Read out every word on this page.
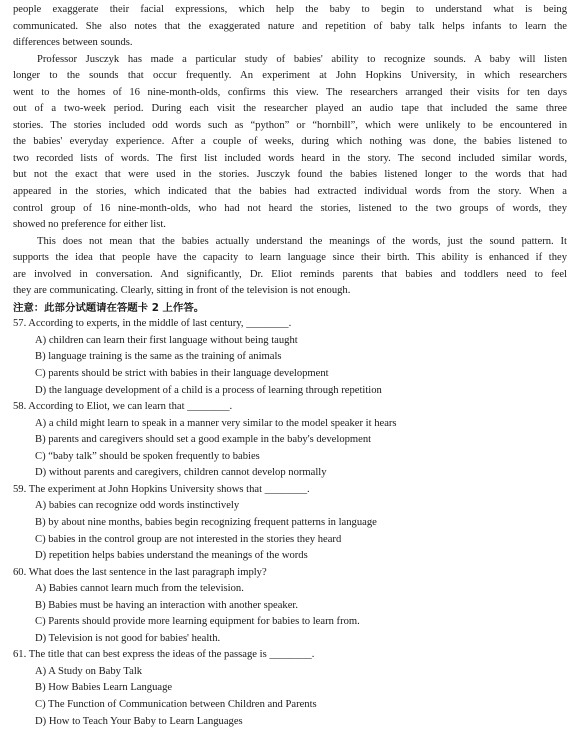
people exaggerate their facial expressions, which help the baby to begin to understand what is being
communicated. She also notes that the exaggerated nature and repetition of baby talk helps infants to learn the
differences between sounds.
Professor Jusczyk has made a particular study of babies' ability to recognize sounds. A baby will listen
longer to the sounds that occur frequently. An experiment at John Hopkins University, in which researchers
went to the homes of 16 nine-month-olds, confirms this view. The researchers arranged their visits for ten days
out of a two-week period. During each visit the researcher played an audio tape that included the same three
stories. The stories included odd words such as “python” or “hornbill”, which were unlikely to be encountered in
the babies' everyday experience. After a couple of weeks, during which nothing was done, the babies listened to
two recorded lists of words. The first list included words heard in the story. The second included similar words,
but not the exact that were used in the stories. Jusczyk found the babies listened longer to the words that had
appeared in the stories, which indicated that the babies had extracted individual words from the story. When a
control group of 16 nine-month-olds, who had not heard the stories, listened to the two groups of words, they
showed no preference for either list.
This does not mean that the babies actually understand the meanings of the words, just the sound pattern. It
supports the idea that people have the capacity to learn language since their birth. This ability is enhanced if they
are involved in conversation. And significantly, Dr. Eliot reminds parents that babies and toddlers need to feel
they are communicating. Clearly, sitting in front of the television is not enough.
注意：此部分试题请在答题卡 2 上作答。
57. According to experts, in the middle of last century, ________.
A) children can learn their first language without being taught
B) language training is the same as the training of animals
C) parents should be strict with babies in their language development
D) the language development of a child is a process of learning through repetition
58. According to Eliot, we can learn that ________.
A) a child might learn to speak in a manner very similar to the model speaker it hears
B) parents and caregivers should set a good example in the baby's development
C) “baby talk” should be spoken frequently to babies
D) without parents and caregivers, children cannot develop normally
59. The experiment at John Hopkins University shows that ________.
A) babies can recognize odd words instinctively
B) by about nine months, babies begin recognizing frequent patterns in language
C) babies in the control group are not interested in the stories they heard
D) repetition helps babies understand the meanings of the words
60. What does the last sentence in the last paragraph imply?
A) Babies cannot learn much from the television.
B) Babies must be having an interaction with another speaker.
C) Parents should provide more learning equipment for babies to learn from.
D) Television is not good for babies' health.
61. The title that can best express the ideas of the passage is ________.
A) A Study on Baby Talk
B) How Babies Learn Language
C) The Function of Communication between Children and Parents
D) How to Teach Your Baby to Learn Languages
